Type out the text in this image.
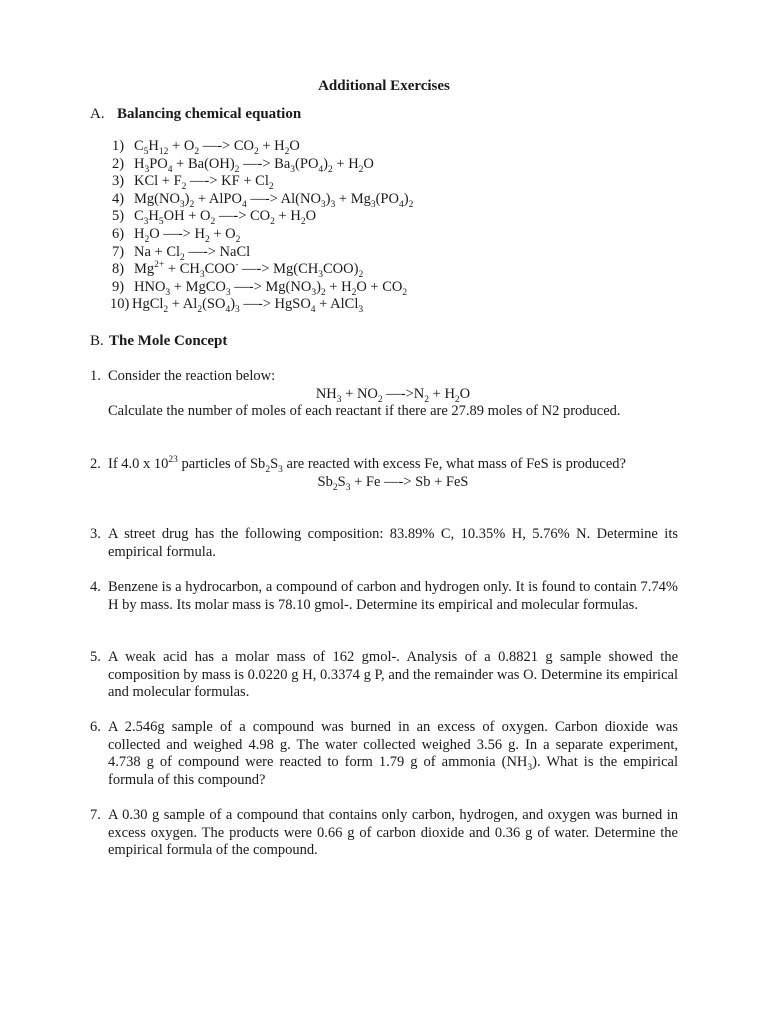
Additional Exercises
A. Balancing chemical equation
1) $C_5H_{12} + O_2$ —-> $CO_2 + H_2O$
2) $H_3PO_4 + Ba(OH)_2$ —-> $Ba_3(PO_4)_2 + H_2O$
3) KCl + $F_2$ —-> KF + $Cl_2$
4) $Mg(NO_3)_2$ + AlPO$_4$ —-> $Al(NO_3)_3 + Mg_3(PO_4)_2$
5) $C_3H_5OH + O_2$ —-> $CO_2 + H_2O$
6) $H_2O$ —-> $H_2 + O_2$
7) $Na + Cl_2$ —-> NaCl
8) $Mg^{2+} + CH_3COO^-$ —-> $Mg(CH_3COO)_2$
9) $HNO_3$ + MgCO$_3$ —-> $Mg(NO_3)_2 + H_2O + CO_2$
10) HgCl$_2$ + $Al_2(SO_4)_3$ —-> HgSO$_4$ + AlCl$_3$
B. The Mole Concept
1. Consider the reaction below:
$NH_3 + NO_2$ $—->N_2 + H_2O$
Calculate the number of moles of each reactant if there are 27.89 moles of N2 produced.
2. If 4.0 x $10^{23}$ particles of $Sb_2S_3$ are reacted with excess Fe, what mass of FeS is produced?
$Sb_2S_3 + Fe$ —-> Sb + FeS
3. A street drug has the following composition: 83.89% C, 10.35% H, 5.76% N. Determine its empirical formula.
4. Benzene is a hydrocarbon, a compound of carbon and hydrogen only. It is found to contain 7.74% H by mass. Its molar mass is 78.10 gmol-. Determine its empirical and molecular formulas.
5. A weak acid has a molar mass of 162 gmol-. Analysis of a 0.8821 g sample showed the composition by mass is 0.0220 g H, 0.3374 g P, and the remainder was O. Determine its empirical and molecular formulas.
6. A 2.546g sample of a compound was burned in an excess of oxygen. Carbon dioxide was collected and weighed 4.98 g. The water collected weighed 3.56 g. In a separate experiment, 4.738 g of compound were reacted to form 1.79 g of ammonia $(NH_3)$. What is the empirical formula of this compound?
7. A 0.30 g sample of a compound that contains only carbon, hydrogen, and oxygen was burned in excess oxygen. The products were 0.66 g of carbon dioxide and 0.36 g of water. Determine the empirical formula of the compound.
